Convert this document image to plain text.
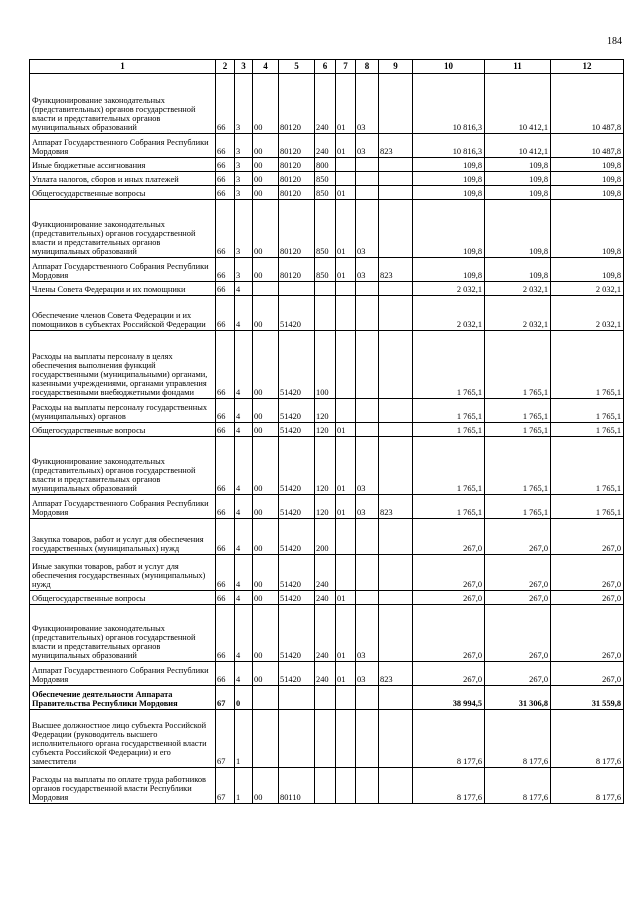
184
1	2	3	4	5	6	7	8	9	10	11	12
Функционирование законодательных (представительных) органов государственной власти и представительных органов муниципальных образований	66	3	00	80120	240	01	03		10 816,3	10 412,1	10 487,8
Аппарат Государственного Собрания Республики Мордовия	66	3	00	80120	240	01	03	823	10 816,3	10 412,1	10 487,8
Иные бюджетные ассигнования	66	3	00	80120	800				109,8	109,8	109,8
Уплата налогов, сборов и иных платежей	66	3	00	80120	850				109,8	109,8	109,8
Общегосударственные вопросы	66	3	00	80120	850	01			109,8	109,8	109,8
Функционирование законодательных (представительных) органов государственной власти и представительных органов муниципальных образований	66	3	00	80120	850	01	03		109,8	109,8	109,8
Аппарат Государственного Собрания Республики Мордовия	66	3	00	80120	850	01	03	823	109,8	109,8	109,8
Члены Совета Федерации и их помощники	66	4							2 032,1	2 032,1	2 032,1
Обеспечение членов Совета Федерации и их помощников в субъектах Российской Федерации	66	4	00	51420					2 032,1	2 032,1	2 032,1
Расходы на выплаты персоналу в целях обеспечения выполнения функций государственными (муниципальными) органами, казенными учреждениями, органами управления государственными внебюджетными фондами	66	4	00	51420	100				1 765,1	1 765,1	1 765,1
Расходы на выплаты персоналу государственных (муниципальных) органов	66	4	00	51420	120				1 765,1	1 765,1	1 765,1
Общегосударственные вопросы	66	4	00	51420	120	01			1 765,1	1 765,1	1 765,1
Функционирование законодательных (представительных) органов государственной власти и представительных органов муниципальных образований	66	4	00	51420	120	01	03		1 765,1	1 765,1	1 765,1
Аппарат Государственного Собрания Республики Мордовия	66	4	00	51420	120	01	03	823	1 765,1	1 765,1	1 765,1
Закупка товаров, работ и услуг для обеспечения государственных (муниципальных) нужд	66	4	00	51420	200				267,0	267,0	267,0
Иные закупки товаров, работ и услуг для обеспечения государственных (муниципальных) нужд	66	4	00	51420	240				267,0	267,0	267,0
Общегосударственные вопросы	66	4	00	51420	240	01			267,0	267,0	267,0
Функционирование законодательных (представительных) органов государственной власти и представительных органов муниципальных образований	66	4	00	51420	240	01	03		267,0	267,0	267,0
Аппарат Государственного Собрания Республики Мордовия	66	4	00	51420	240	01	03	823	267,0	267,0	267,0
Обеспечение деятельности Аппарата Правительства Республики Мордовия	67	0							38 994,5	31 306,8	31 559,8
Высшее должностное лицо субъекта Российской Федерации (руководитель высшего исполнительного органа государственной власти субъекта Российской Федерации) и его заместители	67	1							8 177,6	8 177,6	8 177,6
Расходы на выплаты по оплате труда работников органов государственной власти Республики Мордовия	67	1	00	80110					8 177,6	8 177,6	8 177,6
